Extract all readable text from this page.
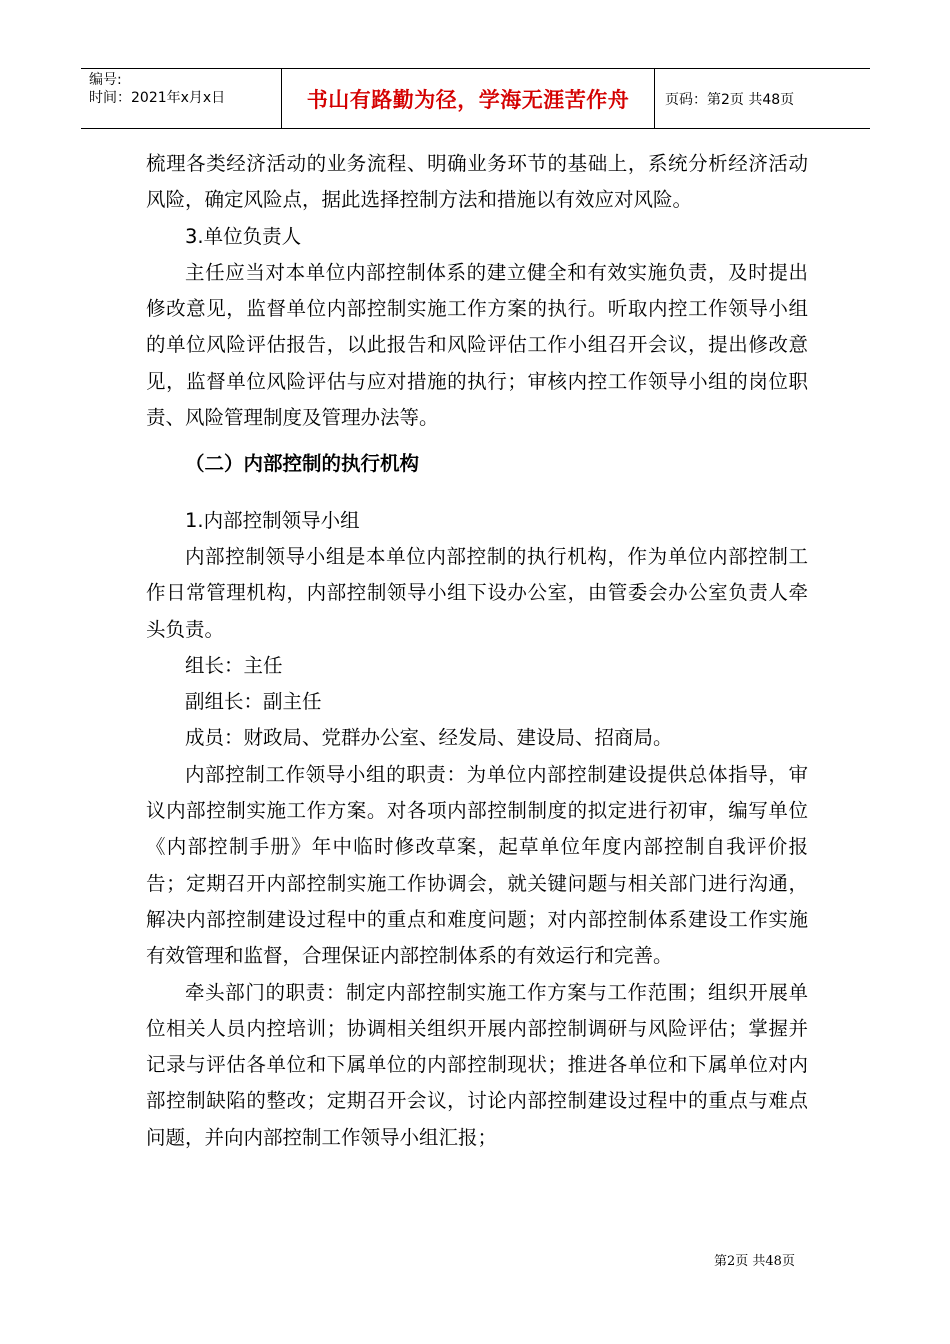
编号:
时间：2021年x月x日	书山有路勤为径，学海无涯苦作舟	页码：第2页 共48页

梳理各类经济活动的业务流程、明确业务环节的基础上，系统分析经济活动风险，确定风险点，据此选择控制方法和措施以有效应对风险。

3.单位负责人

主任应当对本单位内部控制体系的建立健全和有效实施负责，及时提出修改意见，监督单位内部控制实施工作方案的执行。听取内控工作领导小组的单位风险评估报告，以此报告和风险评估工作小组召开会议，提出修改意见，监督单位风险评估与应对措施的执行；审核内控工作领导小组的岗位职责、风险管理制度及管理办法等。

（二）内部控制的执行机构

1.内部控制领导小组

内部控制领导小组是本单位内部控制的执行机构，作为单位内部控制工作日常管理机构，内部控制领导小组下设办公室，由管委会办公室负责人牵头负责。

组长：主任

副组长：副主任

成员：财政局、党群办公室、经发局、建设局、招商局。

内部控制工作领导小组的职责：为单位内部控制建设提供总体指导，审议内部控制实施工作方案。对各项内部控制制度的拟定进行初审，编写单位《内部控制手册》年中临时修改草案，起草单位年度内部控制自我评价报告；定期召开内部控制实施工作协调会，就关键问题与相关部门进行沟通，解决内部控制建设过程中的重点和难度问题；对内部控制体系建设工作实施有效管理和监督，合理保证内部控制体系的有效运行和完善。

牵头部门的职责：制定内部控制实施工作方案与工作范围；组织开展单位相关人员内控培训；协调相关组织开展内部控制调研与风险评估；掌握并记录与评估各单位和下属单位的内部控制现状；推进各单位和下属单位对内部控制缺陷的整改；定期召开会议，讨论内部控制建设过程中的重点与难点问题，并向内部控制工作领导小组汇报；

第2页 共48页
